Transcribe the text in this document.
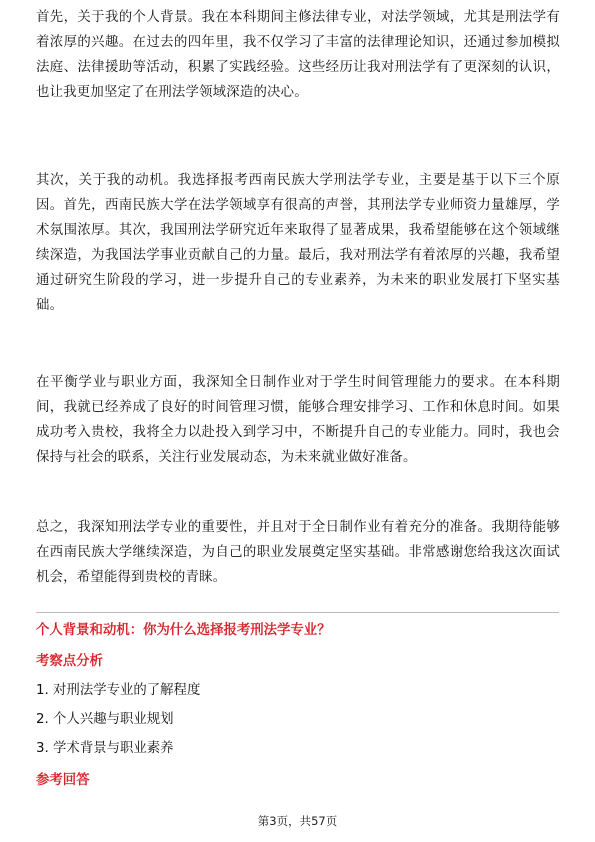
首先，关于我的个人背景。我在本科期间主修法律专业，对法学领域，尤其是刑法学有着浓厚的兴趣。在过去的四年里，我不仅学习了丰富的法律理论知识，还通过参加模拟法庭、法律援助等活动，积累了实践经验。这些经历让我对刑法学有了更深刻的认识，也让我更加坚定了在刑法学领域深造的决心。

其次，关于我的动机。我选择报考西南民族大学刑法学专业，主要是基于以下三个原因。首先，西南民族大学在法学领域享有很高的声誉，其刑法学专业师资力量雄厚，学术氛围浓厚。其次，我国刑法学研究近年来取得了显著成果，我希望能够在这个领域继续深造，为我国法学事业贡献自己的力量。最后，我对刑法学有着浓厚的兴趣，我希望通过研究生阶段的学习，进一步提升自己的专业素养，为未来的职业发展打下坚实基础。

在平衡学业与职业方面，我深知全日制作业对于学生时间管理能力的要求。在本科期间，我就已经养成了良好的时间管理习惯，能够合理安排学习、工作和休息时间。如果成功考入贵校，我将全力以赴投入到学习中，不断提升自己的专业能力。同时，我也会保持与社会的联系，关注行业发展动态，为未来就业做好准备。

总之，我深知刑法学专业的重要性，并且对于全日制作业有着充分的准备。我期待能够在西南民族大学继续深造，为自己的职业发展奠定坚实基础。非常感谢您给我这次面试机会，希望能得到贵校的青睐。

个人背景和动机：你为什么选择报考刑法学专业？

考察点分析

1. 对刑法学专业的了解程度
2. 个人兴趣与职业规划
3. 学术背景与职业素养

参考回答

第3页，共57页
